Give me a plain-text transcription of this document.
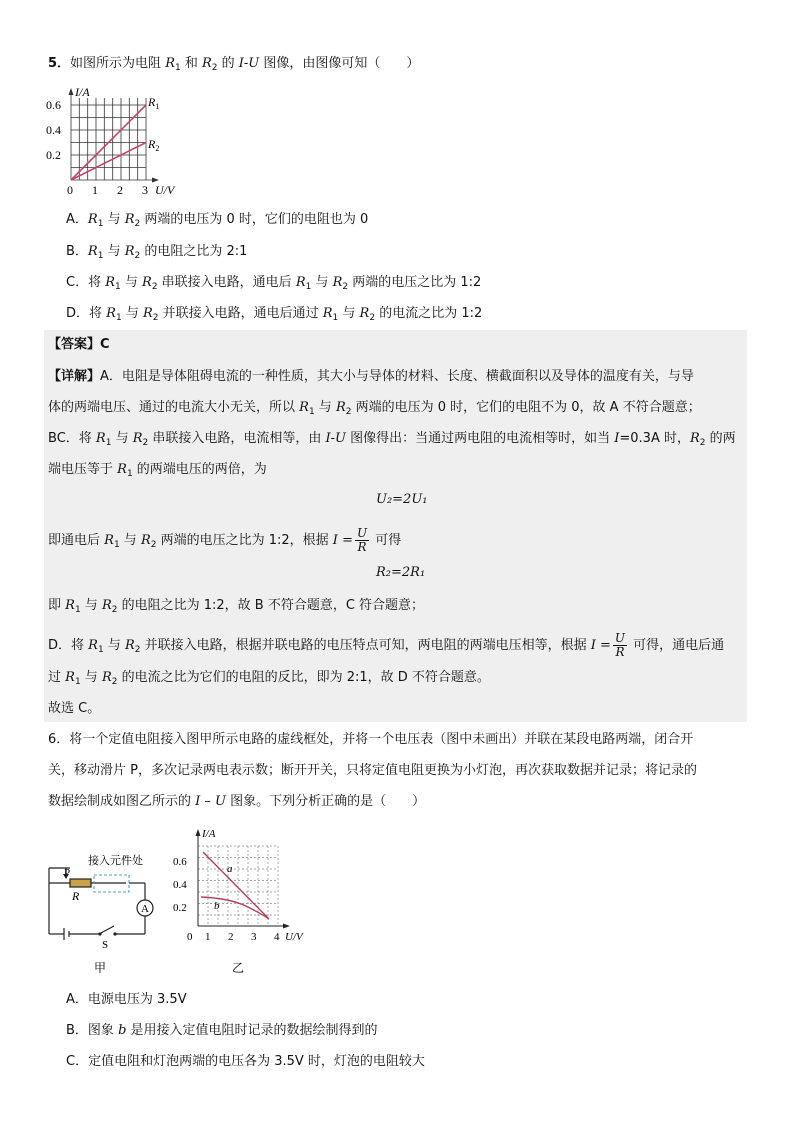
5．如图所示为电阻 $R_1$ 和 $R_2$ 的 I-U 图像，由图像可知（　　）
I/A
0.6
0.4
0.2
0 1 2 3 U/V
$R_1$
$R_2$
A．$R_1$ 与 $R_2$ 两端的电压为 0 时，它们的电阻也为 0
B．$R_1$ 与 $R_2$ 的电阻之比为 2:1
C．将 $R_1$ 与 $R_2$ 串联接入电路，通电后 $R_1$ 与 $R_2$ 两端的电压之比为 1:2
D．将 $R_1$ 与 $R_2$ 并联接入电路，通电后通过 $R_1$ 与 $R_2$ 的电流之比为 1:2
【答案】C
【详解】A．电阻是导体阻碍电流的一种性质，其大小与导体的材料、长度、横截面积以及导体的温度有关，与导
体的两端电压、通过的电流大小无关，所以 $R_1$ 与 $R_2$ 两端的电压为 0 时，它们的电阻不为 0，故 A 不符合题意；
BC．将 $R_1$ 与 $R_2$ 串联接入电路，电流相等，由 I-U 图像得出：当通过两电阻的电流相等时，如当 I=0.3A 时，$R_2$ 的两
端电压等于 $R_1$ 的两端电压的两倍，为
U₂=2U₁
即通电后 $R_1$ 与 $R_2$ 两端的电压之比为 1:2，根据 $I = \frac{U}{R}$ 可得
R₂=2R₁
即 $R_1$ 与 $R_2$ 的电阻之比为 1:2，故 B 不符合题意，C 符合题意；
D．将 $R_1$ 与 $R_2$ 并联接入电路，根据并联电路的电压特点可知，两电阻的两端电压相等，根据 $I = \frac{U}{R}$ 可得，通电后通
过 $R_1$ 与 $R_2$ 的电流之比为它们的电阻的反比，即为 2:1，故 D 不符合题意。
故选 C。
6．将一个定值电阻接入图甲所示电路的虚线框处，并将一个电压表（图中未画出）并联在某段电路两端，闭合开
关，移动滑片 P，多次记录两电表示数；断开开关，只将定值电阻更换为小灯泡，再次获取数据并记录；将记录的
数据绘制成如图乙所示的 I – U 图象。下列分析正确的是（　　）
接入元件处
P
R
A
S
甲
I/A
0.6
0.4
0.2
0 1 2 3 4 U/V
a
b
乙
A．电源电压为 3.5V
B．图象 b 是用接入定值电阻时记录的数据绘制得到的
C．定值电阻和灯泡两端的电压各为 3.5V 时，灯泡的电阻较大
